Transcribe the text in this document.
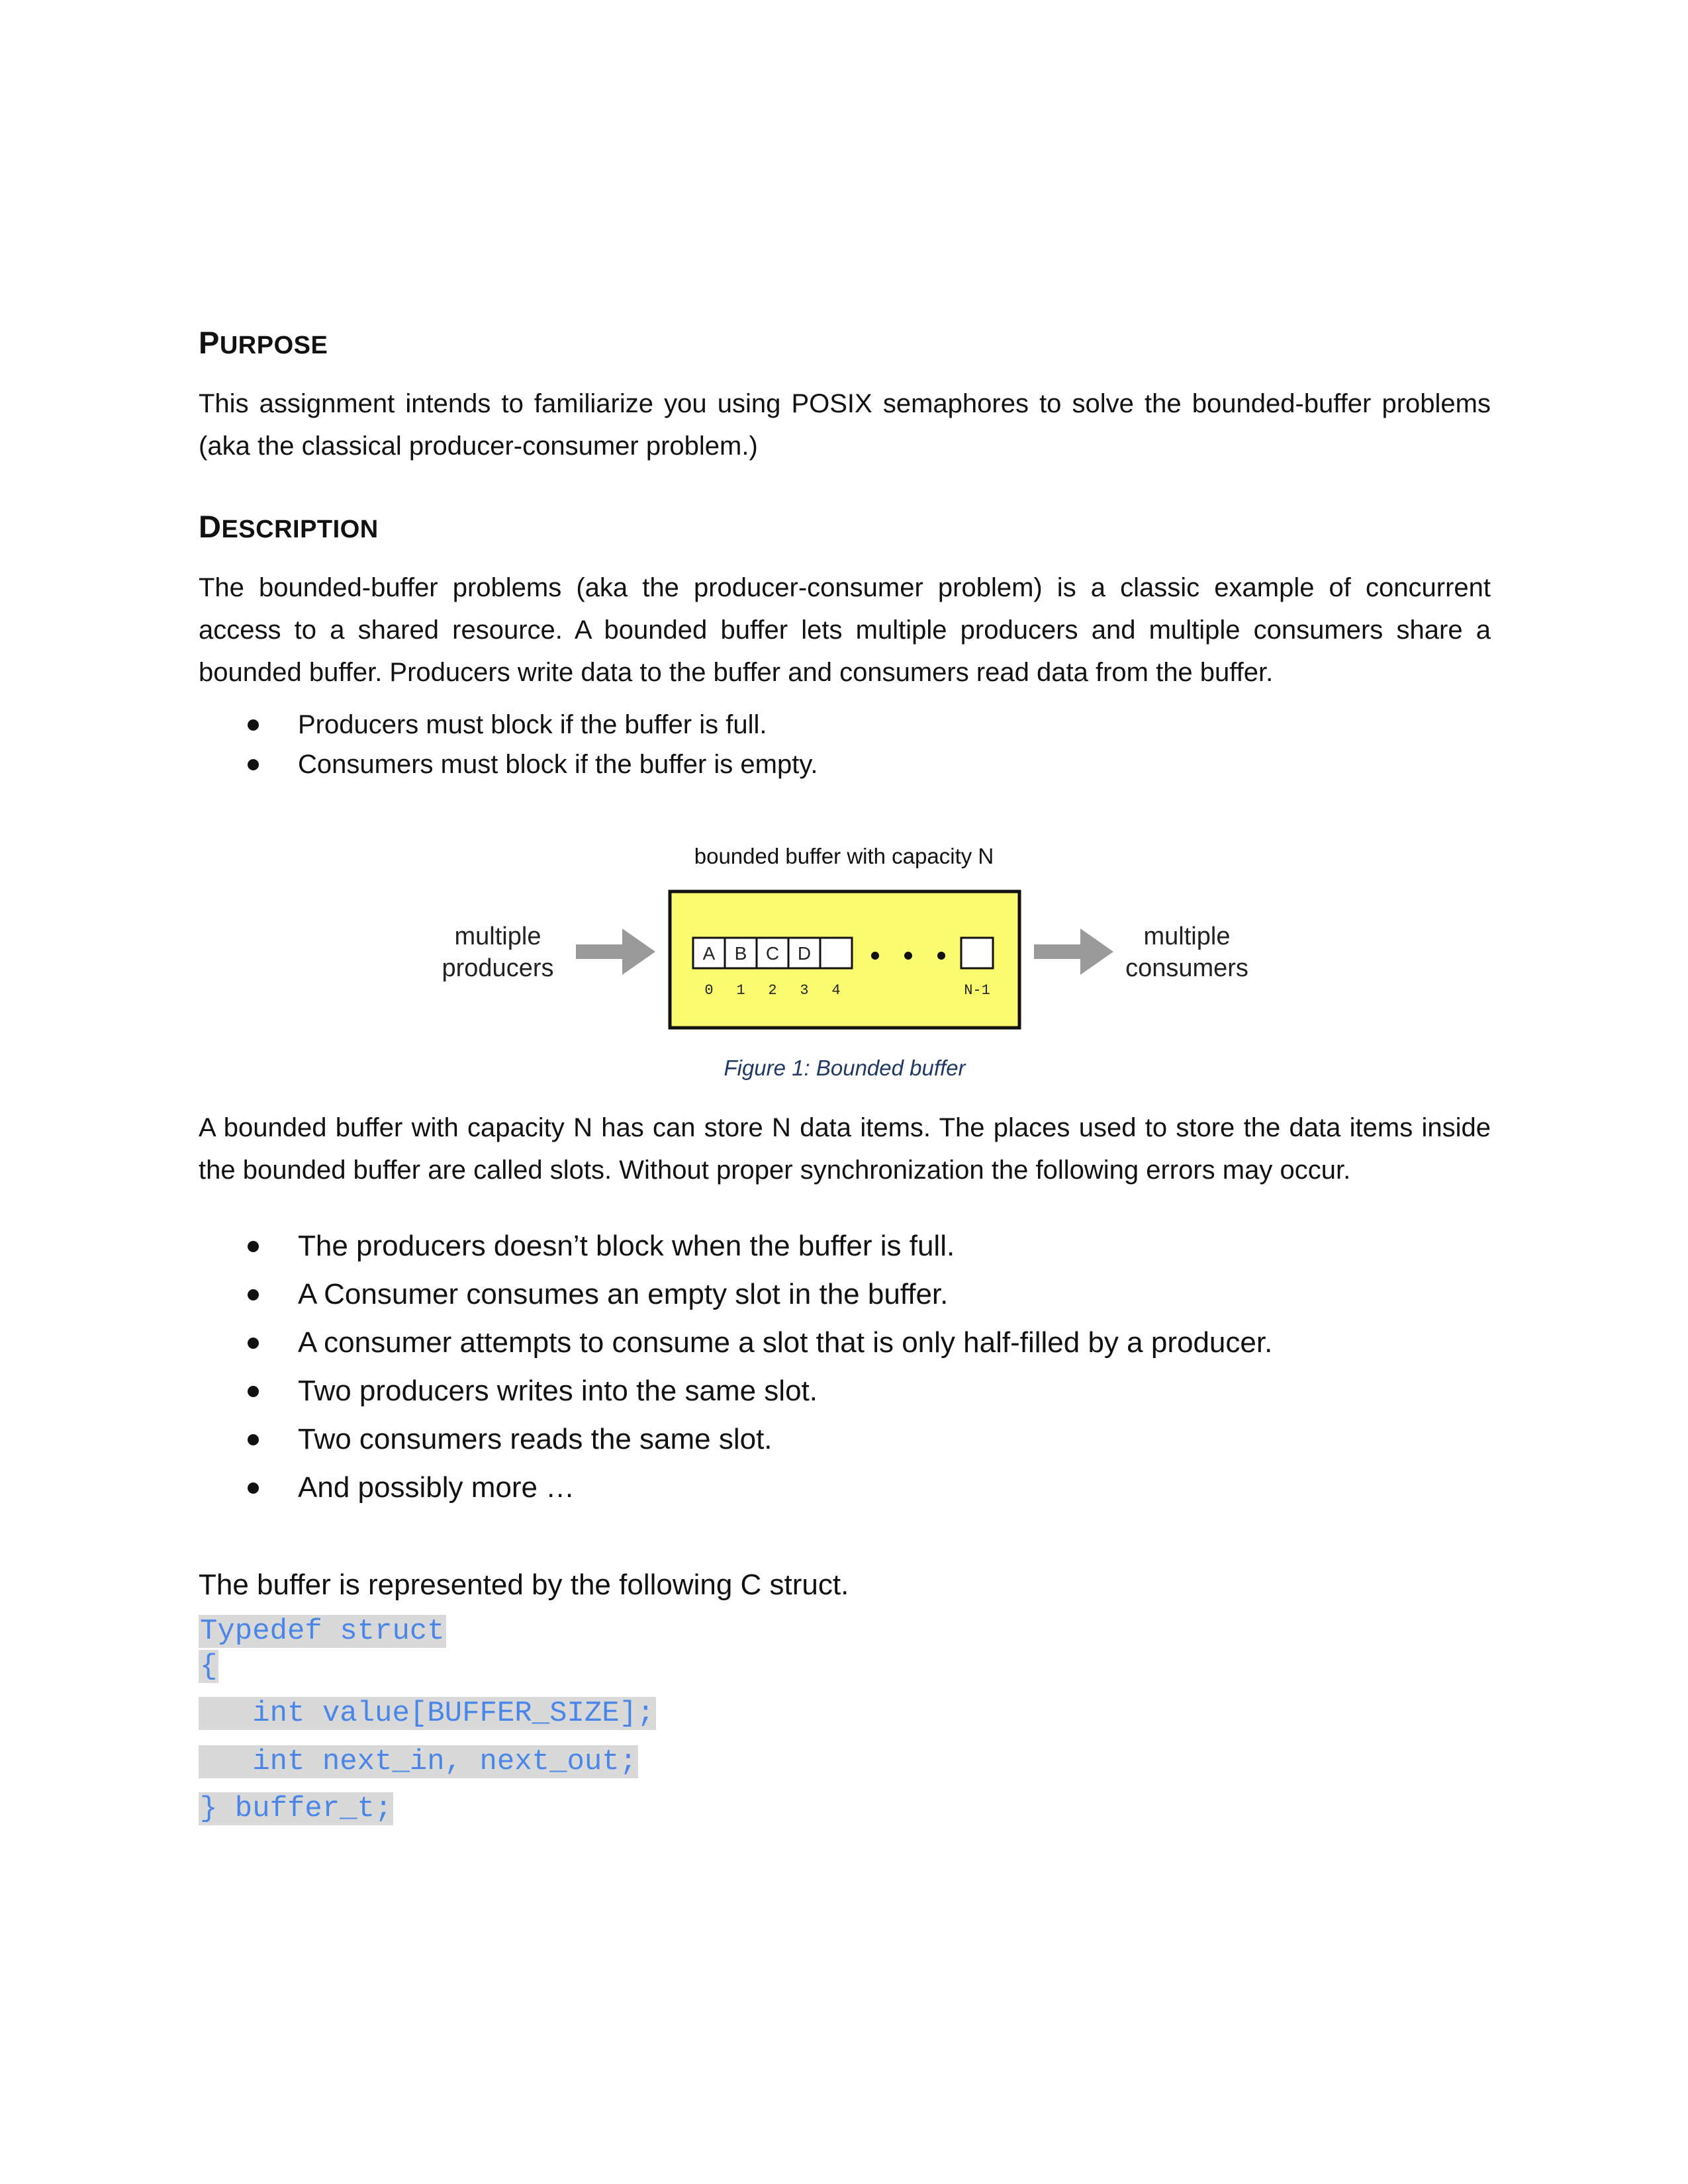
PURPOSE

This assignment intends to familiarize you using POSIX semaphores to solve the bounded-buffer problems (aka the classical producer-consumer problem.)

DESCRIPTION

The bounded-buffer problems (aka the producer-consumer problem) is a classic example of concurrent access to a shared resource. A bounded buffer lets multiple producers and multiple consumers share a bounded buffer. Producers write data to the buffer and consumers read data from the buffer.

Producers must block if the buffer is full.
Consumers must block if the buffer is empty.
bounded buffer with capacity N
multiple
producers
A B C D
0 1 2 3 4	N-1
multiple
consumers
Figure 1: Bounded buffer

A bounded buffer with capacity N has can store N data items. The places used to store the data items inside the bounded buffer are called slots. Without proper synchronization the following errors may occur.

The producers doesn’t block when the buffer is full.
A Consumer consumes an empty slot in the buffer.
A consumer attempts to consume a slot that is only half-filled by a producer.
Two producers writes into the same slot.
Two consumers reads the same slot.
And possibly more …
The buffer is represented by the following C struct.
Typedef struct
{
int value[BUFFER_SIZE];
int next_in, next_out;
} buffer_t;
